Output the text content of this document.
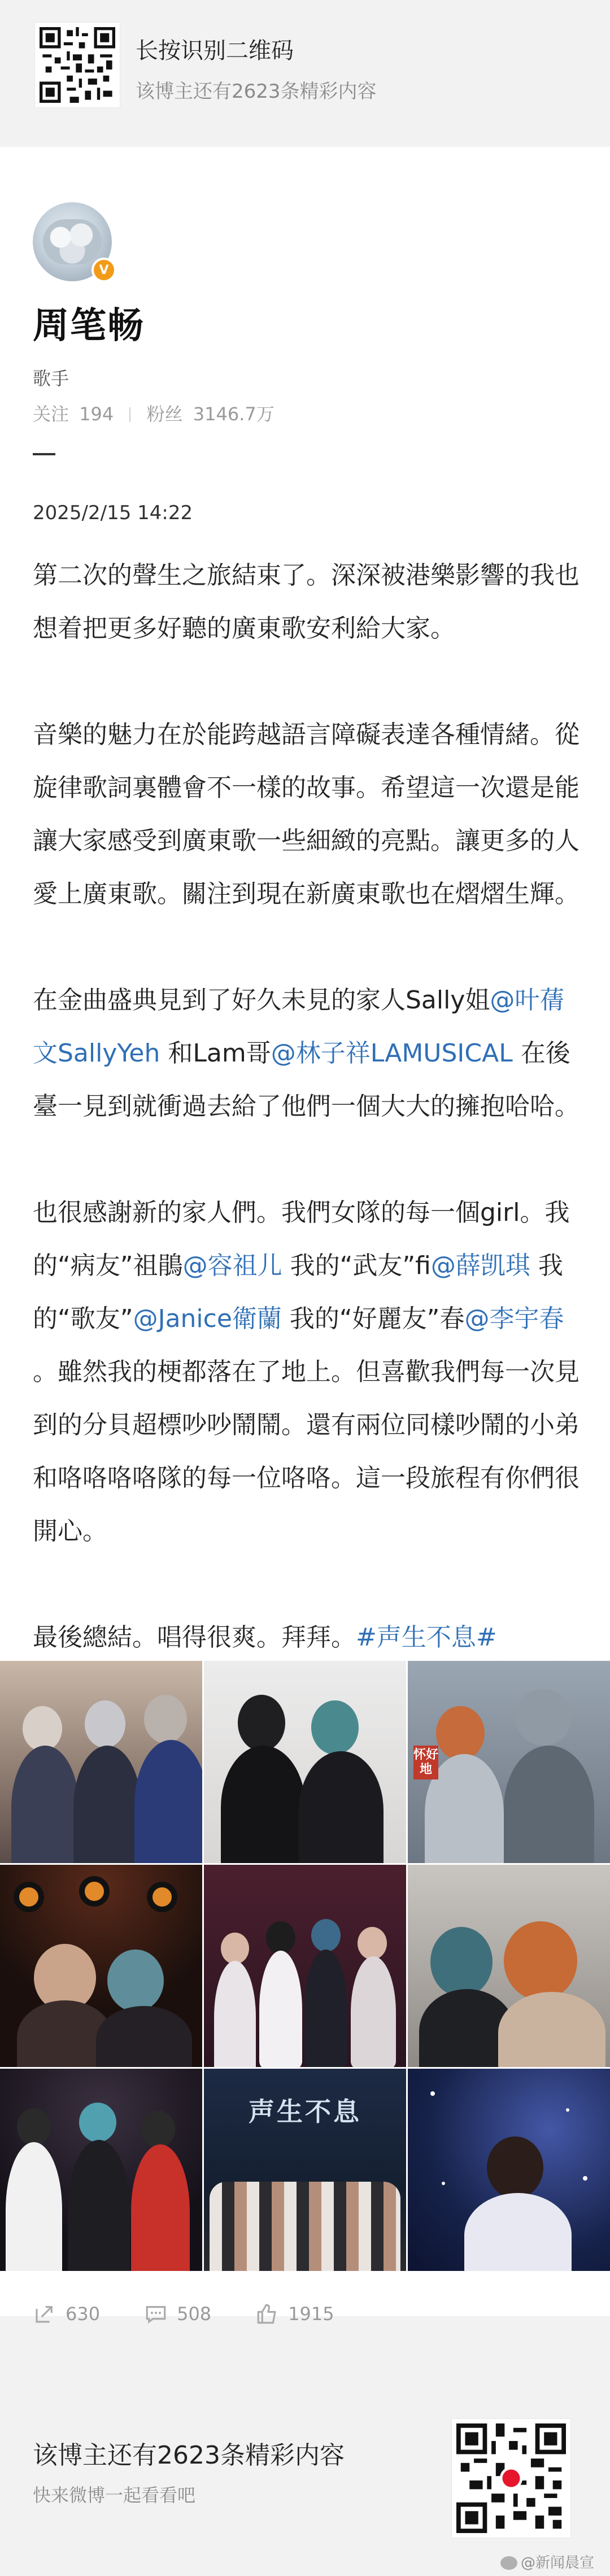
长按识别二维码
该博主还有2623条精彩内容
V
周笔畅
歌手
关注 194 粉丝 3146.7万
2025/2/15 14:22

第二次的聲生之旅結束了。深深被港樂影響的我也想着把更多好聽的廣東歌安利給大家。

音樂的魅力在於能跨越語言障礙表達各種情緒。從旋律歌詞裏體會不一樣的故事。希望這一次還是能讓大家感受到廣東歌一些細緻的亮點。讓更多的人愛上廣東歌。關注到現在新廣東歌也在熠熠生輝。

在金曲盛典見到了好久未見的家人Sally姐@叶蒨文SallyYeh 和Lam哥@林子祥LAMUSICAL 在後臺一見到就衝過去給了他們一個大大的擁抱哈哈。

也很感謝新的家人們。我們女隊的每一個girl。我的“病友”祖鵑@容祖儿 我的“武友”fi@薛凯琪 我的“歌友”@Janice衛蘭 我的“好麗友”春@李宇春 。雖然我的梗都落在了地上。但喜歡我們每一次見到的分貝超標吵吵鬧鬧。還有兩位同樣吵鬧的小弟和咯咯咯咯隊的每一位咯咯。這一段旅程有你們很開心。

最後總結。唱得很爽。拜拜。#声生不息#

怀好地
声生不息
630	508	1915
该博主还有2623条精彩内容
快来微博一起看看吧
@新闻晨宣
